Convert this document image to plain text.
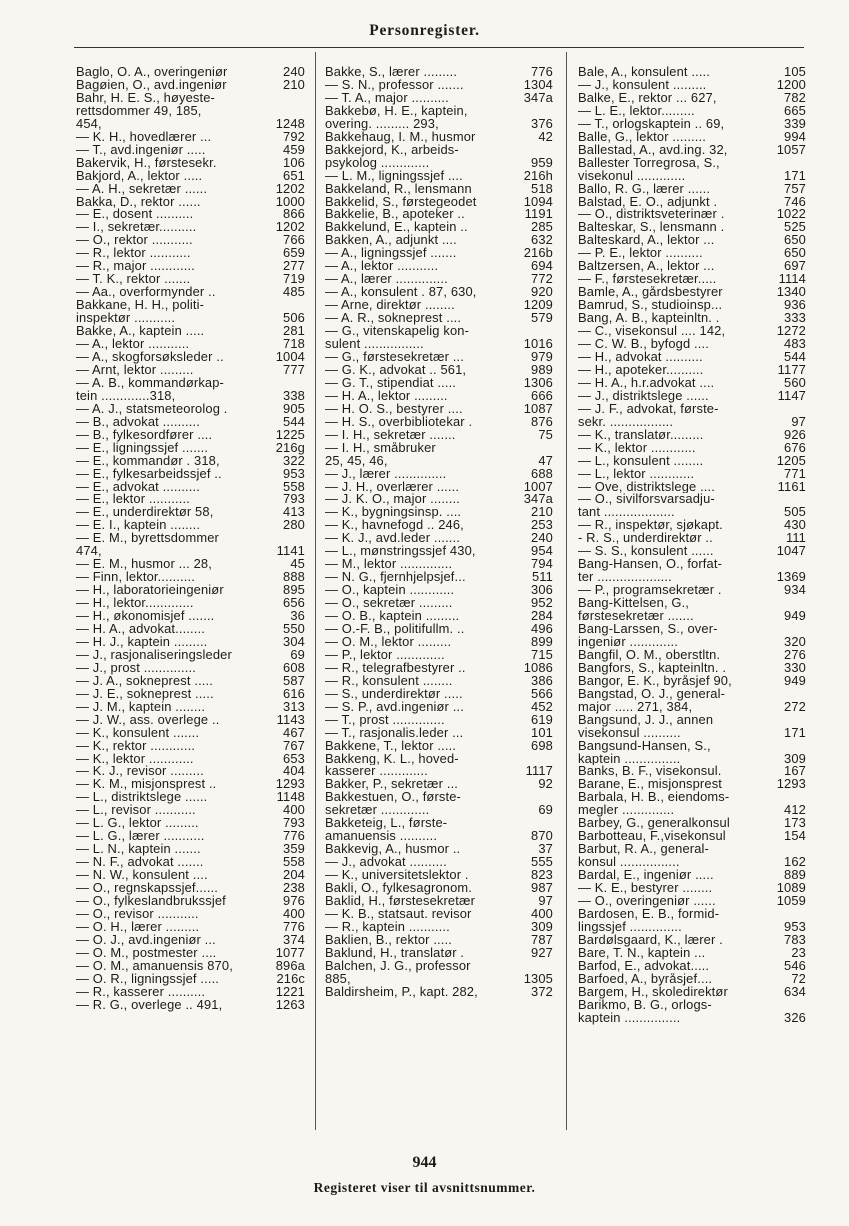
Personregister.
Baglo, O. A., overingeniør	240
Bagøien, O., avd.ingeniør	210
Bahr, H. E. S., høyeste-
rettsdommer 49, 185,
454,	1248
— K. H., hovedlærer ...	792
— T., avd.ingeniør .....	459
Bakervik, H., førstesekr.	106
Bakjord, A., lektor .....	651
— A. H., sekretær ......	1202
Bakka, D., rektor ......	1000
— E., dosent ..........	866
— I., sekretær..........	1202
— O., rektor ...........	766
— R., lektor ...........	659
— R., major ............	277
— T. K., rektor .......	719
— Aa., overformynder ..	485
Bakkane, H. H., politi-
inspektør ...........	506
Bakke, A., kaptein .....	281
— A., lektor ...........	718
— A., skogforsøksleder ..	1004
— Arnt, lektor .........	777
— A. B., kommandørkap-
tein .............318,	338
— A. J., statsmeteorolog .	905
— B., advokat ..........	544
— B., fylkesordfører ....	1225
— E., ligningssjef .......	216g
— E., kommandør . 318,	322
— E., fylkesarbeidssjef ..	953
— E., advokat ..........	558
— E., lektor ...........	793
— E., underdirektør 58,	413
— E. I., kaptein ........	280
— E. M., byrettsdommer
474,	1141
— E. M., husmor ... 28,	45
— Finn, lektor..........	888
— H., laboratorieingeniør	895
— H., lektor.............	656
— H., økonomisjef .......	36
— H. A., advokat........	550
— H. J., kaptein .........	304
— J., rasjonaliseringsleder	69
— J., prost ..............	608
— J. A., sokneprest .....	587
— J. E., sokneprest .....	616
— J. M., kaptein ........	313
— J. W., ass. overlege ..	1143
— K., konsulent .......	467
— K., rektor ............	767
— K., lektor ............	653
— K. J., revisor .........	404
— K. M., misjonsprest ..	1293
— L., distriktslege ......	1148
— L., revisor ...........	400
— L. G., lektor .........	793
— L. G., lærer ...........	776
— L. N., kaptein .......	359
— N. F., advokat .......	558
— N. W., konsulent ....	204
— O., regnskapssjef......	238
— O., fylkeslandbrukssjef	976
— O., revisor ...........	400
— O. H., lærer .........	776
— O. J., avd.ingeniør ...	374
— O. M., postmester ....	1077
— O. M., amanuensis 870,	896a
— O. R., ligningssjef .....	216c
— R., kasserer ..........	1221
— R. G., overlege .. 491,	1263
Bakke, S., lærer .........	776
— S. N., professor .......	1304
— T. A., major ..........	347a
Bakkebø, H. E., kaptein,
overing. ......... 293,	376
Bakkehaug, I. M., husmor	42
Bakkejord, K., arbeids-
psykolog .............	959
— L. M., ligningssjef ....	216h
Bakkeland, R., lensmann	518
Bakkelid, S., førstegeodet	1094
Bakkelie, B., apoteker ..	1191
Bakkelund, E., kaptein ..	285
Bakken, A., adjunkt ....	632
— A., ligningssjef .......	216b
— A., lektor ...........	694
— A., lærer ..............	772
— A., konsulent . 87, 630,	920
— Arne, direktør ........	1209
— A. R., sokneprest ....	579
— G., vitenskapelig kon-
sulent ................	1016
— G., førstesekretær ...	979
— G. K., advokat .. 561,	989
— G. T., stipendiat .....	1306
— H. A., lektor .........	666
— H. O. S., bestyrer ....	1087
— H. S., overbibliotekar .	876
— I. H., sekretær .......	75
— I. H., småbruker
25, 45, 46,	47
— J., lærer ..............	688
— J. H., overlærer ......	1007
— J. K. O., major ........	347a
— K., bygningsinsp. ....	210
— K., havnefogd .. 246,	253
— K. J., avd.leder .......	240
— L., mønstringssjef 430,	954
— M., lektor ..............	794
— N. G., fjernhjelpsjef...	511
— O., kaptein ............	306
— O., sekretær .........	952
— O. B., kaptein .........	284
— O.-F. B., politifullm. ..	496
— O. M., lektor .........	899
— P., lektor .............	715
— R., telegrafbestyrer ..	1086
— R., konsulent ........	386
— S., underdirektør .....	566
— S. P., avd.ingeniør ...	452
— T., prost ..............	619
— T., rasjonalis.leder ...	101
Bakkene, T., lektor .....	698
Bakkeng, K. L., hoved-
kasserer .............	1117
Bakker, P., sekretær ...	92
Bakkestuen, O., første-
sekretær .............	69
Bakketeig, L., første-
amanuensis ..........	870
Bakkevig, A., husmor ..	37
— J., advokat ..........	555
— K., universitetslektor .	823
Bakli, O., fylkesagronom.	987
Baklid, H., førstesekretær	97
— K. B., statsaut. revisor	400
— R., kaptein ...........	309
Baklien, B., rektor .....	787
Baklund, H., translatør .	927
Balchen, J. G., professor
885,	1305
Baldirsheim, P., kapt. 282,	372
Bale, A., konsulent .....	105
— J., konsulent .........	1200
Balke, E., rektor ... 627,	782
— L. E., lektor.........	665
— T., orlogskaptein .. 69,	339
Balle, G., lektor .........	994
Ballestad, A., avd.ing. 32,	1057
Ballester Torregrosa, S.,
visekonul .............	171
Ballo, R. G., lærer ......	757
Balstad, E. O., adjunkt .	746
— O., distriktsveterinær .	1022
Balteskar, S., lensmann .	525
Balteskard, A., lektor ...	650
— P. E., lektor ..........	650
Baltzersen, A., lektor ...	697
— F., førstesekretær.....	1114
Bamle, A., gårdsbestyrer	1340
Bamrud, S., studioinsp...	936
Bang, A. B., kapteinltn. .	333
— C., visekonsul .... 142,	1272
— C. W. B., byfogd ....	483
— H., advokat ..........	544
— H., apoteker..........	1177
— H. A., h.r.advokat ....	560
— J., distriktslege ......	1147
— J. F., advokat, første-
sekr. .................	97
— K., translatør.........	926
— K., lektor ............	676
— L., konsulent ........	1205
— L., lektor ............	771
— Ove, distriktslege ....	1161
— O., sivilforsvarsadju-
tant ...................	505
— R., inspektør, sjøkapt.	430
- R. S., underdirektør ..	111
— S. S., konsulent ......	1047
Bang-Hansen, O., forfat-
ter ....................	1369
— P., programsekretær .	934
Bang-Kittelsen, G.,
førstesekretær .......	949
Bang-Larssen, S., over-
ingeniør .............	320
Bangfil, O. M., oberstltn.	276
Bangfors, S., kapteinltn. .	330
Bangor, E. K., byråsjef 90,	949
Bangstad, O. J., general-
major ..... 271, 384,	272
Bangsund, J. J., annen
visekonsul ..........	171
Bangsund-Hansen, S.,
kaptein ...............	309
Banks, B. F., visekonsul.	167
Barane, E., misjonsprest	1293
Barbala, H. B., eiendoms-
megler ..............	412
Barbey, G., generalkonsul	173
Barbotteau, F.,visekonsul	154
Barbut, R. A., general-
konsul ................	162
Bardal, E., ingeniør .....	889
— K. E., bestyrer ........	1089
— O., overingeniør ......	1059
Bardosen, E. B., formid-
lingssjef ..............	953
Bardølsgaard, K., lærer .	783
Bare, T. N., kaptein ...	23
Barfod, E., advokat.....	546
Barfoed, A., byråsjef....	72
Bargem, H., skoledirektør	634
Barikmo, B. G., orlogs-
kaptein ...............	326
944
Registeret viser til avsnittsnummer.
